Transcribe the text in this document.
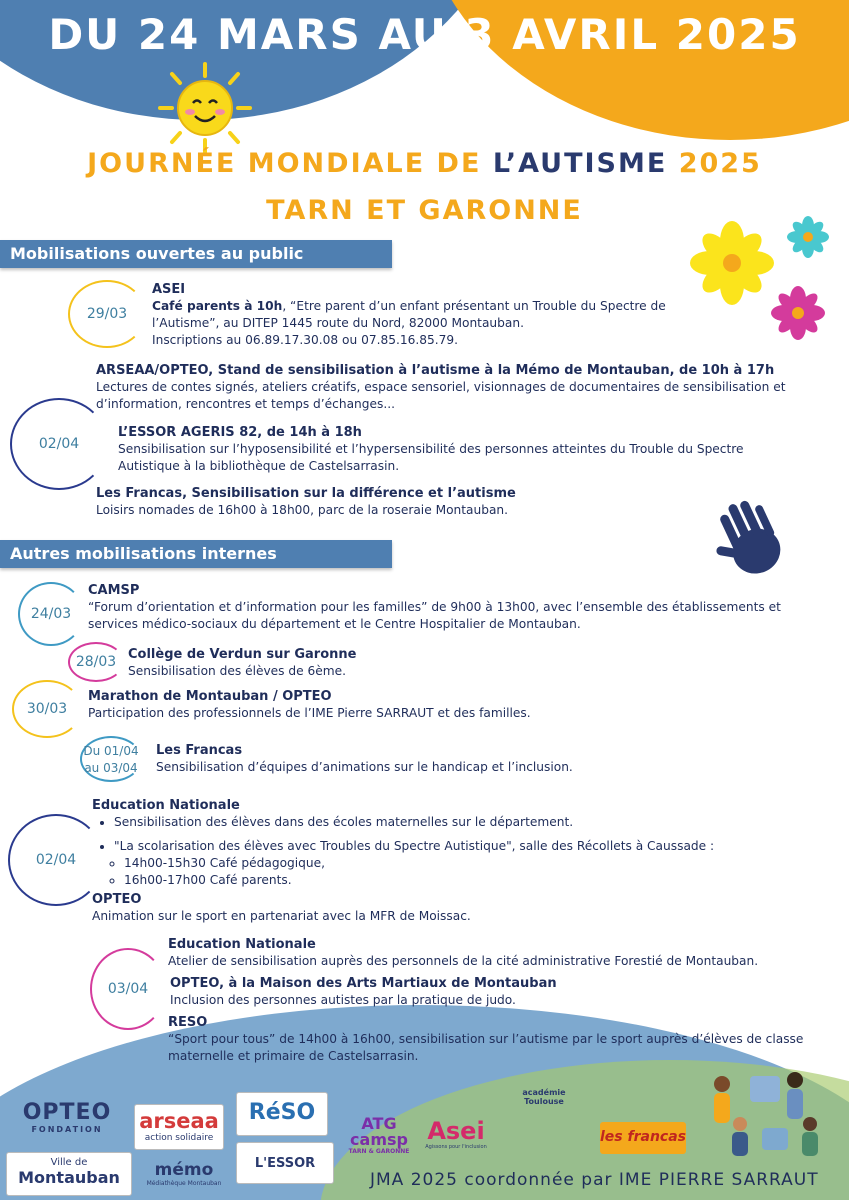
DU 24 MARS AU 3 AVRIL 2025
JOURNÉE MONDIALE DE L’AUTISME 2025
TARN ET GARONNE
Mobilisations ouvertes au public
29/03
ASEI

Café parents à 10h, “Etre parent d’un enfant présentant un Trouble du Spectre de l’Autisme”, au DITEP 1445 route du Nord, 82000 Montauban.

Inscriptions au 06.89.17.30.08 ou 07.85.16.85.79.

02/04
ARSEAA/OPTEO, Stand de sensibilisation à l’autisme à la Mémo de Montauban, de 10h à 17h

Lectures de contes signés, ateliers créatifs, espace sensoriel, visionnages de documentaires de sensibilisation et d’information, rencontres et temps d’échanges...

L’ESSOR AGERIS 82, de 14h à 18h

Sensibilisation sur l’hyposensibilité et l’hypersensibilité des personnes atteintes du Trouble du Spectre Autistique à la bibliothèque de Castelsarrasin.

Les Francas, Sensibilisation sur la différence et l’autisme

Loisirs nomades de 16h00 à 18h00, parc de la roseraie Montauban.

Autres mobilisations internes
24/03
CAMSP

“Forum d’orientation et d’information pour les familles” de 9h00 à 13h00, avec l’ensemble des établissements et services médico-sociaux du département et le Centre Hospitalier de Montauban.

28/03 Collège de Verdun sur Garonne

Sensibilisation des élèves de 6ème.

30/03
Marathon de Montauban / OPTEO

Participation des professionnels de l’IME Pierre SARRAUT et des familles.

Du 01/04
au 03/04
Les Francas

Sensibilisation d’équipes d’animations sur le handicap et l’inclusion.

02/04
Education Nationale
• Sensibilisation des élèves dans des écoles maternelles sur le département.
• "La scolarisation des élèves avec Troubles du Spectre Autistique", salle des Récollets à Caussade :
◦ 14h00-15h30 Café pédagogique,
◦ 16h00-17h00 Café parents.
OPTEO

Animation sur le sport en partenariat avec la MFR de Moissac.

03/04
Education Nationale

Atelier de sensibilisation auprès des personnels de la cité administrative Forestié de Montauban.

OPTEO, à la Maison des Arts Martiaux de Montauban

Inclusion des personnes autistes par la pratique de judo.

RESO

“Sport pour tous” de 14h00 à 16h00, sensibilisation sur l’autisme par le sport auprès d’élèves de classe maternelle et primaire de Castelsarrasin.

OPTEO
FONDATION	arseaa
action solidaire
RéSO
L'ESSOR
ATG
camsp
TARN & GARONNE
Asei
Agissons pour l'inclusion
académie Toulouse
les francas
Ville de
Montauban	mémo
Médiathèque Montauban	JMA 2025 coordonnée par IME PIERRE SARRAUT
